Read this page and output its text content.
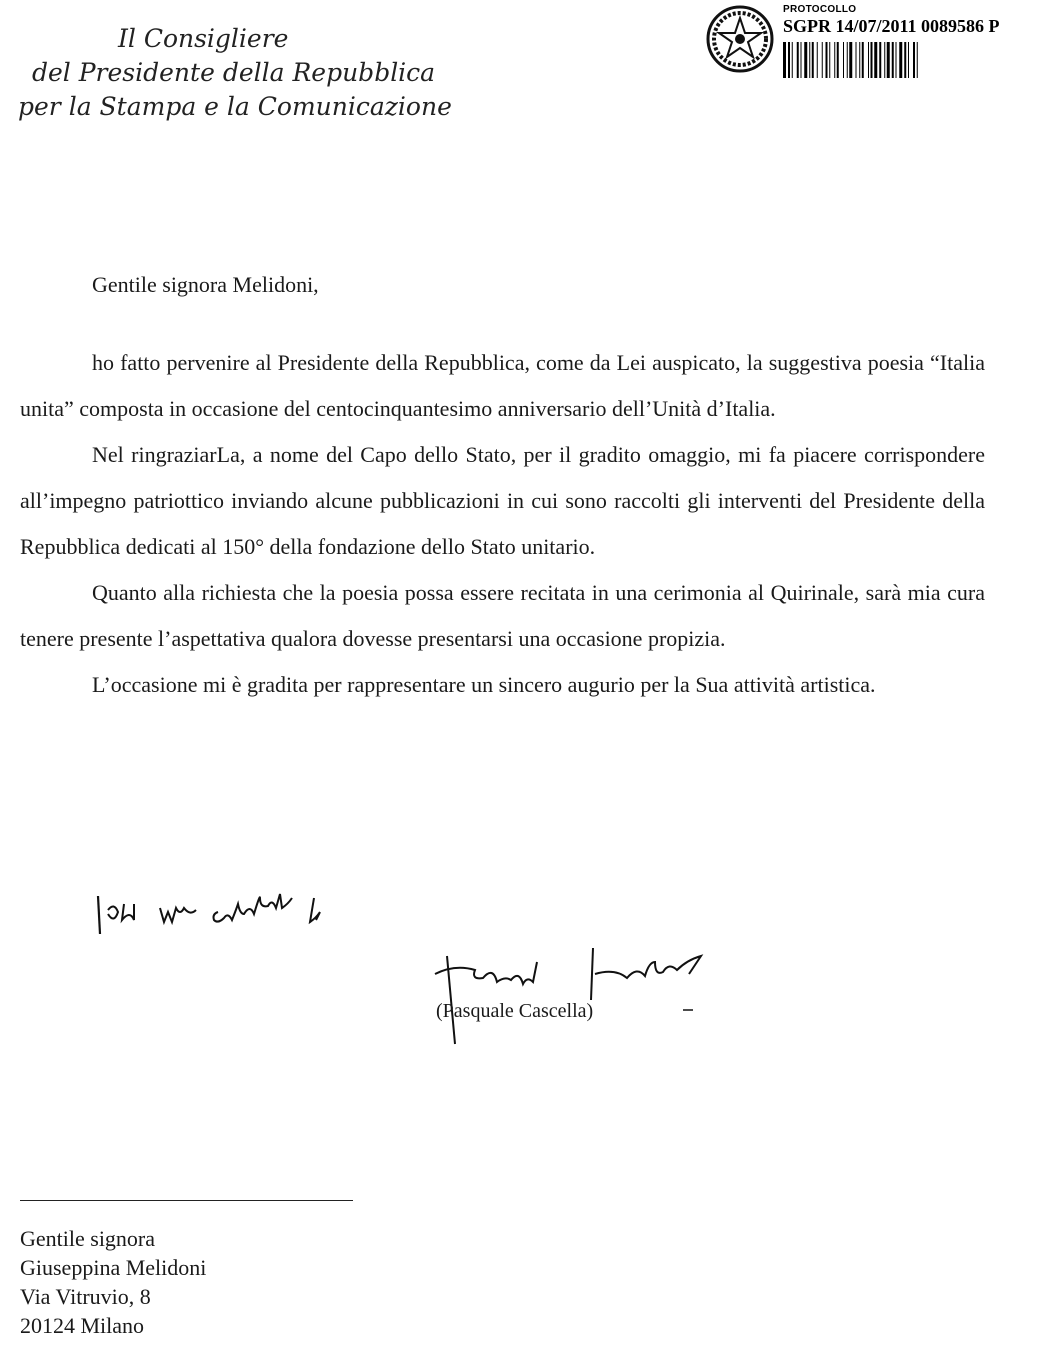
Il Consigliere
del Presidente della Repubblica
per la Stampa e la Comunicazione
PROTOCOLLO
SGPR 14/07/2011 0089586 P
Gentile signora Melidoni,

ho fatto pervenire al Presidente della Repubblica, come da Lei auspicato, la suggestiva poesia “Italia unita” composta in occasione del centocinquantesimo anniversario dell’Unità d’Italia.

Nel ringraziarLa, a nome del Capo dello Stato, per il gradito omaggio, mi fa piacere corrispondere all’impegno patriottico inviando alcune pubblicazioni in cui sono raccolti gli interventi del Presidente della Repubblica dedicati al 150° della fondazione dello Stato unitario.

Quanto alla richiesta che la poesia possa essere recitata in una cerimonia al Quirinale, sarà mia cura tenere presente l’aspettativa qualora dovesse presentarsi una occasione propizia.

L’occasione mi è gradita per rappresentare un sincero augurio per la Sua attività artistica.

(Pasquale Cascella)
Gentile signora
Giuseppina Melidoni
Via Vitruvio, 8
20124 Milano
